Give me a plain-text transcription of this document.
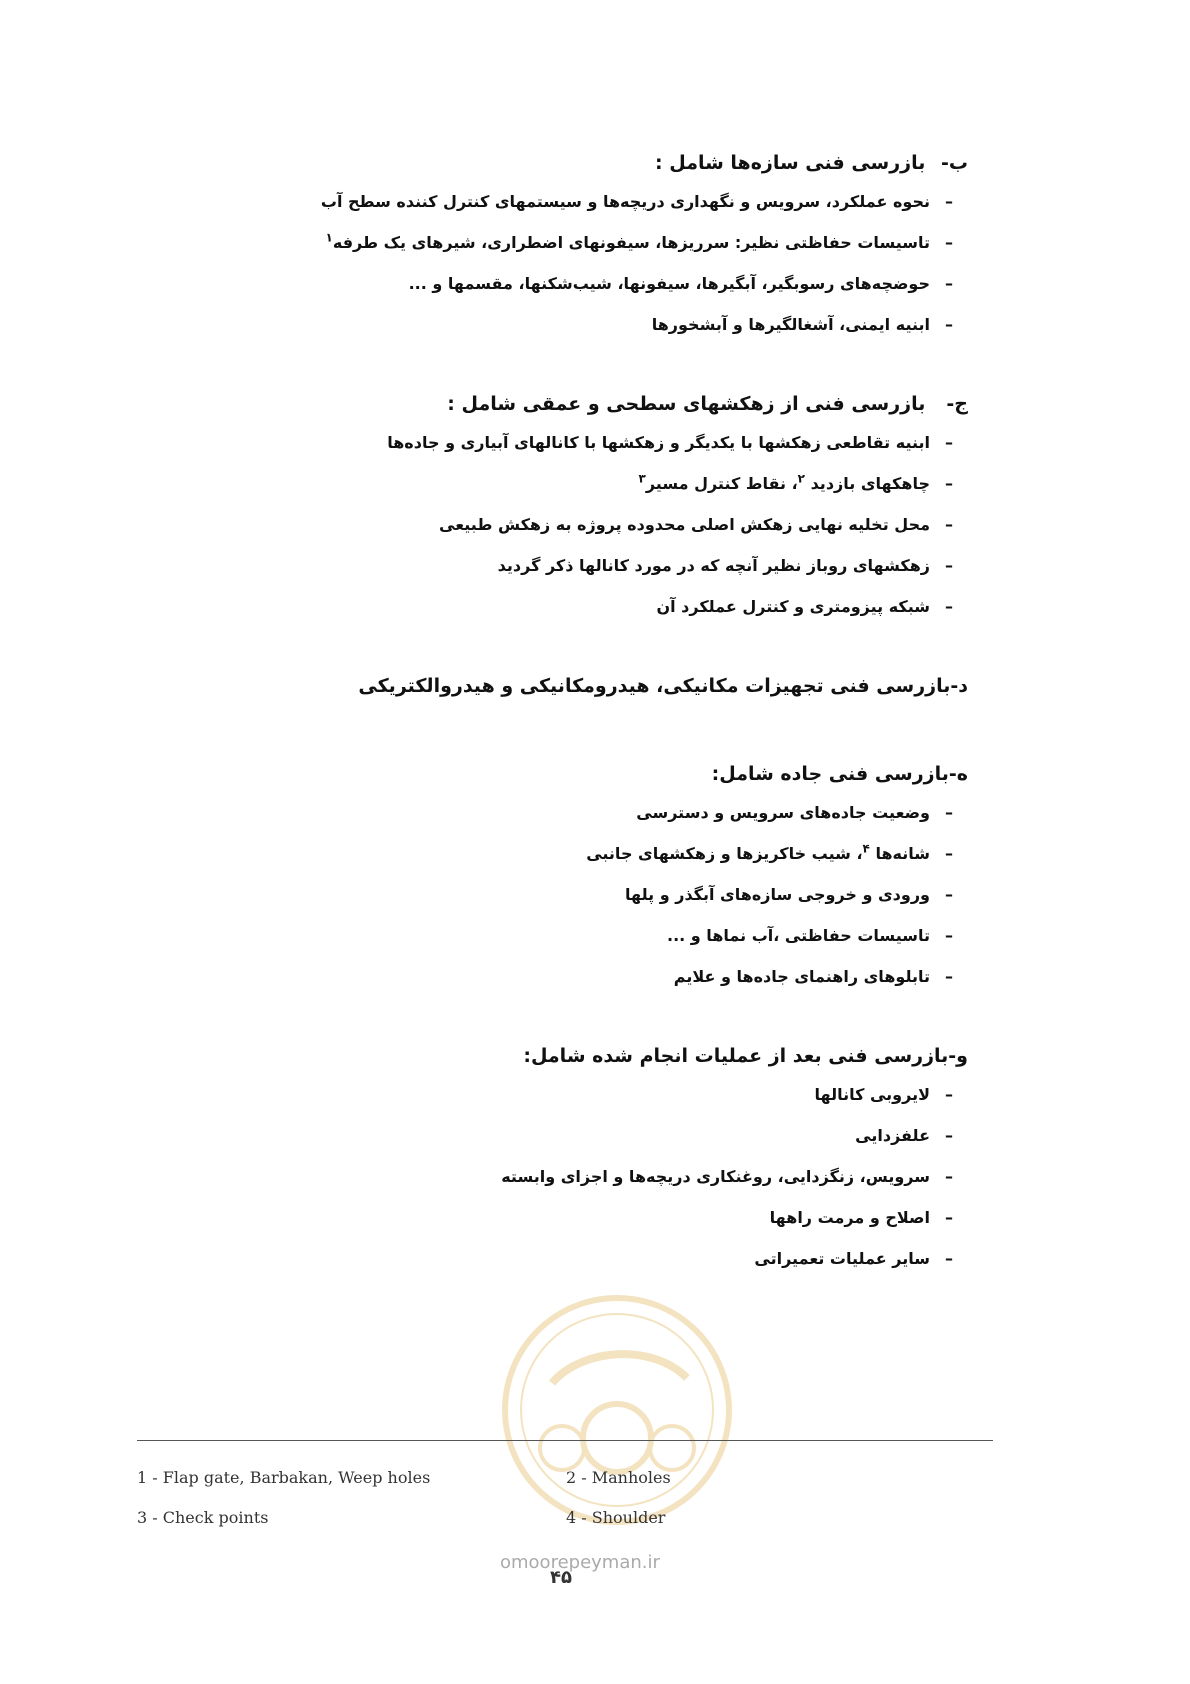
ب- بازرسی فنی سازه‌ها شامل :
–نحوه عملکرد، سرویس و نگهداری دریچه‌ها و سیستمهای کنترل کننده سطح آب
–تاسیسات حفاظتی نظیر: سرریزها، سیفونهای اضطراری، شیرهای یک طرفه$^۱$
–حوضچه‌های رسوبگیر، آبگیرها، سیفونها، شیب‌شکنها، مقسمها و ...
–ابنیه ایمنی، آشغالگیرها و آبشخورها
ج- بازرسی فنی از زهکشهای سطحی و عمقی شامل :
–ابنیه تقاطعی زهکشها با یکدیگر و زهکشها با کانالهای آبیاری و جاده‌ها
–چاهکهای بازدید $^۲$، نقاط کنترل مسیر$^۳$
–محل تخلیه نهایی زهکش اصلی محدوده پروژه به زهکش طبیعی
–زهکشهای روباز نظیر آنچه که در مورد کانالها ذکر گردید
–شبکه پیزومتری و کنترل عملکرد آن
د-بازرسی فنی تجهیزات مکانیکی، هیدرومکانیکی و هیدروالکتریکی
ه-بازرسی فنی جاده شامل:
–وضعیت جاده‌های سرویس و دسترسی
–شانه‌ها $^۴$، شیب خاکریزها و زهکشهای جانبی
–ورودی و خروجی سازه‌های آبگذر و پلها
–تاسیسات حفاظتی ،آب نماها و ...
–تابلوهای راهنمای جاده‌ها و علایم
و-بازرسی فنی بعد از عملیات انجام شده شامل:
–لایروبی کانالها
–علفزدایی
–سرویس، زنگزدایی، روغنکاری دریچه‌ها و اجزای وابسته
–اصلاح و مرمت راهها
–سایر عملیات تعمیراتی
1 - Flap gate, Barbakan, Weep holes	2 - Manholes
3 - Check points	4 - Shoulder
omoorepeyman.ir
۴۵
